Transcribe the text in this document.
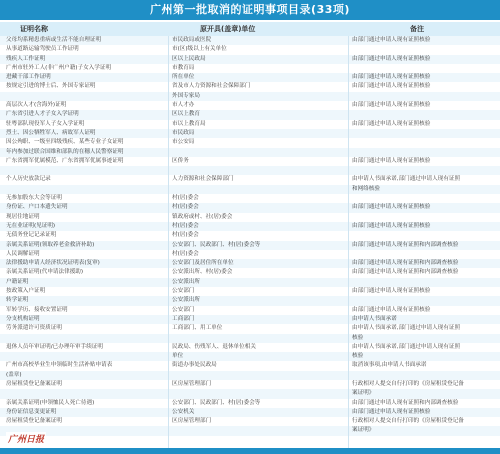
广州第一批取消的证明事项目录(33项)
证明名称	原开具(盖章)单位	备注
父母均系精患重病或生活不能自理证明	市民政局或医院	由部门通过申请人现有证照核验
从事道路运输驾驶员工作证明	市(区)级以上有关单位
残疾人工作证明	区以上民政局	由部门通过申请人现有证照核验
广州市驻外工人(非广州户籍)子女入学证明	市教育局
进藏干部工作证明	所在单位	由部门通过申请人现有证照核验
按规定引进的博士后、外国专家证明	省及市人力资源和社会保障部门	由部门通过申请人现有证照核验
外国专家局
高层次人才(含海外)证明	市人才办	由部门通过申请人现有证照核验
广东省引进人才子女入学证明	区以上教育
驻粤部队现役军人子女入学证明	市以上教育局	由部门通过申请人现有证照核验
烈士、因公牺牲军人、病故军人证明	市民政局
因公殉职、一级至四级残疾、某些专业子女证明	市公安局
年内参加过联合国维和部队的在穗人民警察证明
广东省拥军优属模范、广东省拥军优属事迹证明	区侨务	由部门通过申请人现有证照核验
个人历史放款记录	人力资源和社会保障部门	由申请人书面承诺,部门通过申请人现有证照
和网络核验
无参加股东大会等证明	村(居)委会
身份证、户口本遗失证明	村(居)委会	由部门通过申请人现有证照核验
现居住地证明	镇政府或村、社(居)委会
无在业证明(见证明)	村(居)委会	由部门通过申请人现有证照核验
无债务登记记录证明	村(居)委会
亲属关系证明(领取养老金救济补助)	公安部门、民政部门、村(居)委会等	由部门通过申请人现有证照和内部调查核验
人民调解证明	村(居)委会
法律援助申请人经济状况证明表(复审)	公安部门及居住所在单位	由部门通过申请人现有证照和内部调查核验
亲属关系证明(代申请法律援助)	公安派出所、村(居)委会	由部门通过申请人现有证照和内部调查核验
户籍证明	公安派出所
按政策入户证明	公安部门	由部门通过申请人现有证照核验
转学证明	公安派出所
军转学历、接收安置证明	公安部门	由部门通过申请人现有证照核验
分支机构证明	工商部门	由申请人书面承诺
劳务派遣许可资质证明	工商部门、用工单位	由申请人书面承诺,部门通过申请人现有证照
核验
退休人员年审证明/已办理年审手续证明	民政局、伤残军人、退休单位相关	由申请人书面承诺,部门通过申请人现有证照
单位	核验
广州市高校毕业生申领临时生活补贴申请表	街道办事处民政局	取消该事项,由申请人书面承诺
(盖章)
房屋租赁登记备案证明	区房屋管理部门	行政相对人提交自行打印的《房屋租赁登记备
案证明》
亲属关系证明(申领恤民人死亡待遇)	公安部门、民政部门、村(居)委会等	由部门通过申请人现有证照和内部调查核验
身份证信息变更证明	公安机关	由部门通过申请人现有证照核验
房屋租赁登记备案证明	区房屋管理部门	行政相对人提交自行打印的《房屋租赁登记备
案证明》
广州日报
